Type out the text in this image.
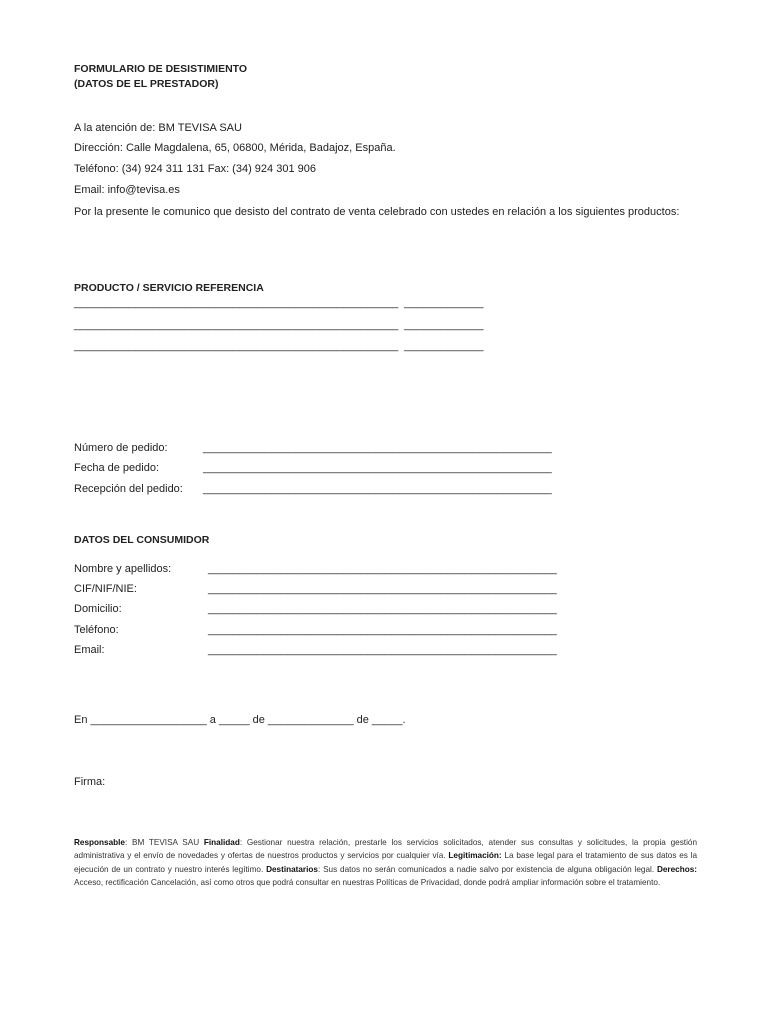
FORMULARIO DE DESISTIMIENTO
(DATOS DE EL PRESTADOR)
A la atención de: BM TEVISA SAU
Dirección: Calle Magdalena, 65, 06800, Mérida, Badajoz, España.
Teléfono: (34) 924 311 131 Fax: (34) 924 301 906
Email: info@tevisa.es
Por la presente le comunico que desisto del contrato de venta celebrado con ustedes en relación a los siguientes productos:
PRODUCTO / SERVICIO REFERENCIA
_____________________________________________________ _____________
_____________________________________________________ _____________
_____________________________________________________ _____________
Número de pedido:	_________________________________________________________
Fecha de pedido:	_________________________________________________________
Recepción del pedido: _________________________________________________________
DATOS DEL CONSUMIDOR
Nombre y apellidos:	_________________________________________________________
CIF/NIF/NIE:	_________________________________________________________
Domicilio:	_________________________________________________________
Teléfono:	_________________________________________________________
Email:	_________________________________________________________
En ___________________ a _____ de ______________ de _____.
Firma:
Responsable: BM TEVISA SAU Finalidad: Gestionar nuestra relación, prestarle los servicios solicitados, atender sus consultas y solicitudes, la propia gestión administrativa y el envío de novedades y ofertas de nuestros productos y servicios por cualquier vía. Legitimación: La base legal para el tratamiento de sus datos es la ejecución de un contrato y nuestro interés legítimo. Destinatarios: Sus datos no serán comunicados a nadie salvo por existencia de alguna obligación legal. Derechos: Acceso, rectificación Cancelación, así como otros que podrá consultar en nuestras Políticas de Privacidad, donde podrá ampliar información sobre el tratamiento.
